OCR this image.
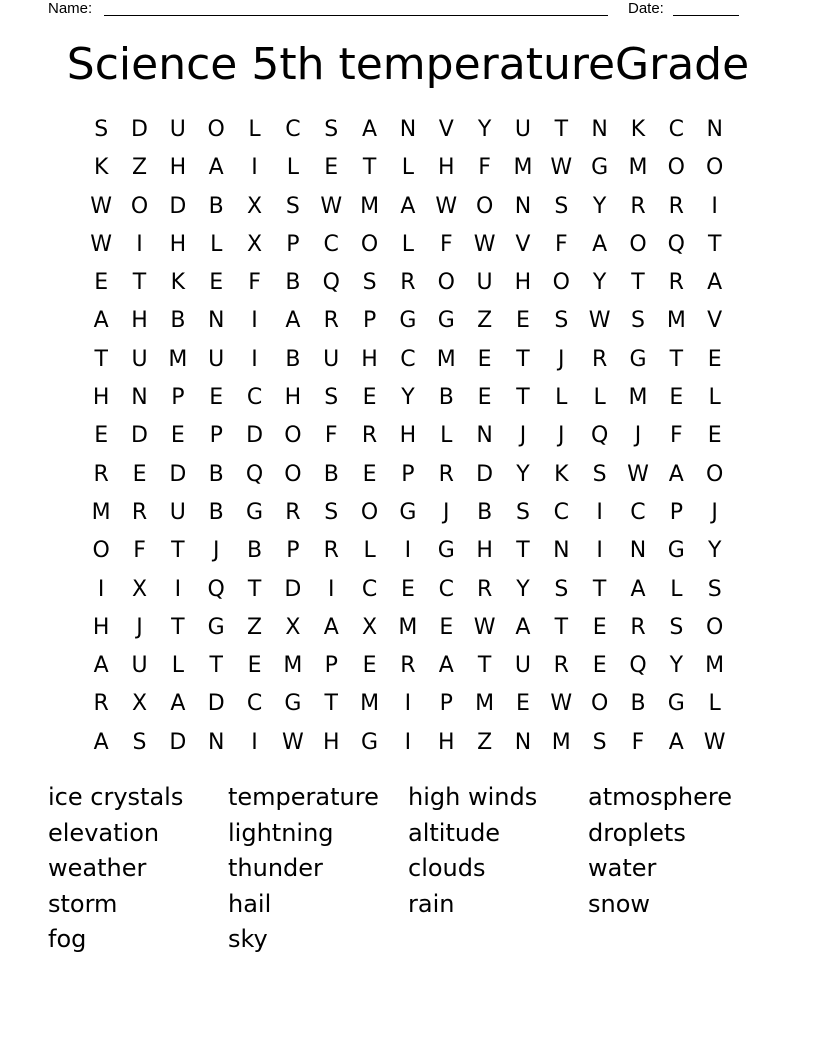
Name:	Date:
Science 5th temperatureGrade
S	D U O	L	C	S	A	N	V	Y	U	T	N	K	C	N
K	Z	H	A	I	L	E	T	L	H	F	M W G M O O
W O D	B	X	S W M A W O N	S	Y	R	R	I
W	I	H	L	X	P	C O	L	F W V	F	A	O Q	T
E	T	K	E	F	B	Q	S	R	O U	H O	Y	T	R	A
A	H	B	N	I	A	R	P	G G	Z	E	S W S M V
T	U M U	I	B	U	H	C M E	T	J	R	G	T	E
H N	P	E	C	H	S	E	Y	B	E	T	L	L	M E	L
E	D	E	P	D O	F	R	H	L	N	J	J	Q	J	F	E
R	E	D	B	Q O	B	E	P	R	D	Y	K	S W A	O
M R	U	B	G	R	S	O G	J	B	S	C	I	C	P	J
O	F	T	J	B	P	R	L	I	G H	T	N	I	N G	Y
I	X	I	Q	T	D	I	C	E	C	R	Y	S	T	A	L	S
H	J	T	G	Z	X	A	X M E W A	T	E	R	S	O
A	U	L	T	E M	P	E	R	A	T	U	R	E	Q	Y	M
R	X	A	D	C	G	T	M	I	P	M E W O	B	G	L
A	S	D N	I	W H G	I	H	Z	N M S	F	A W
ice crystals	temperature	high winds	atmosphere
elevation	lightning	altitude	droplets
weather	thunder	clouds	water
storm	hail	rain	snow
fog	sky
